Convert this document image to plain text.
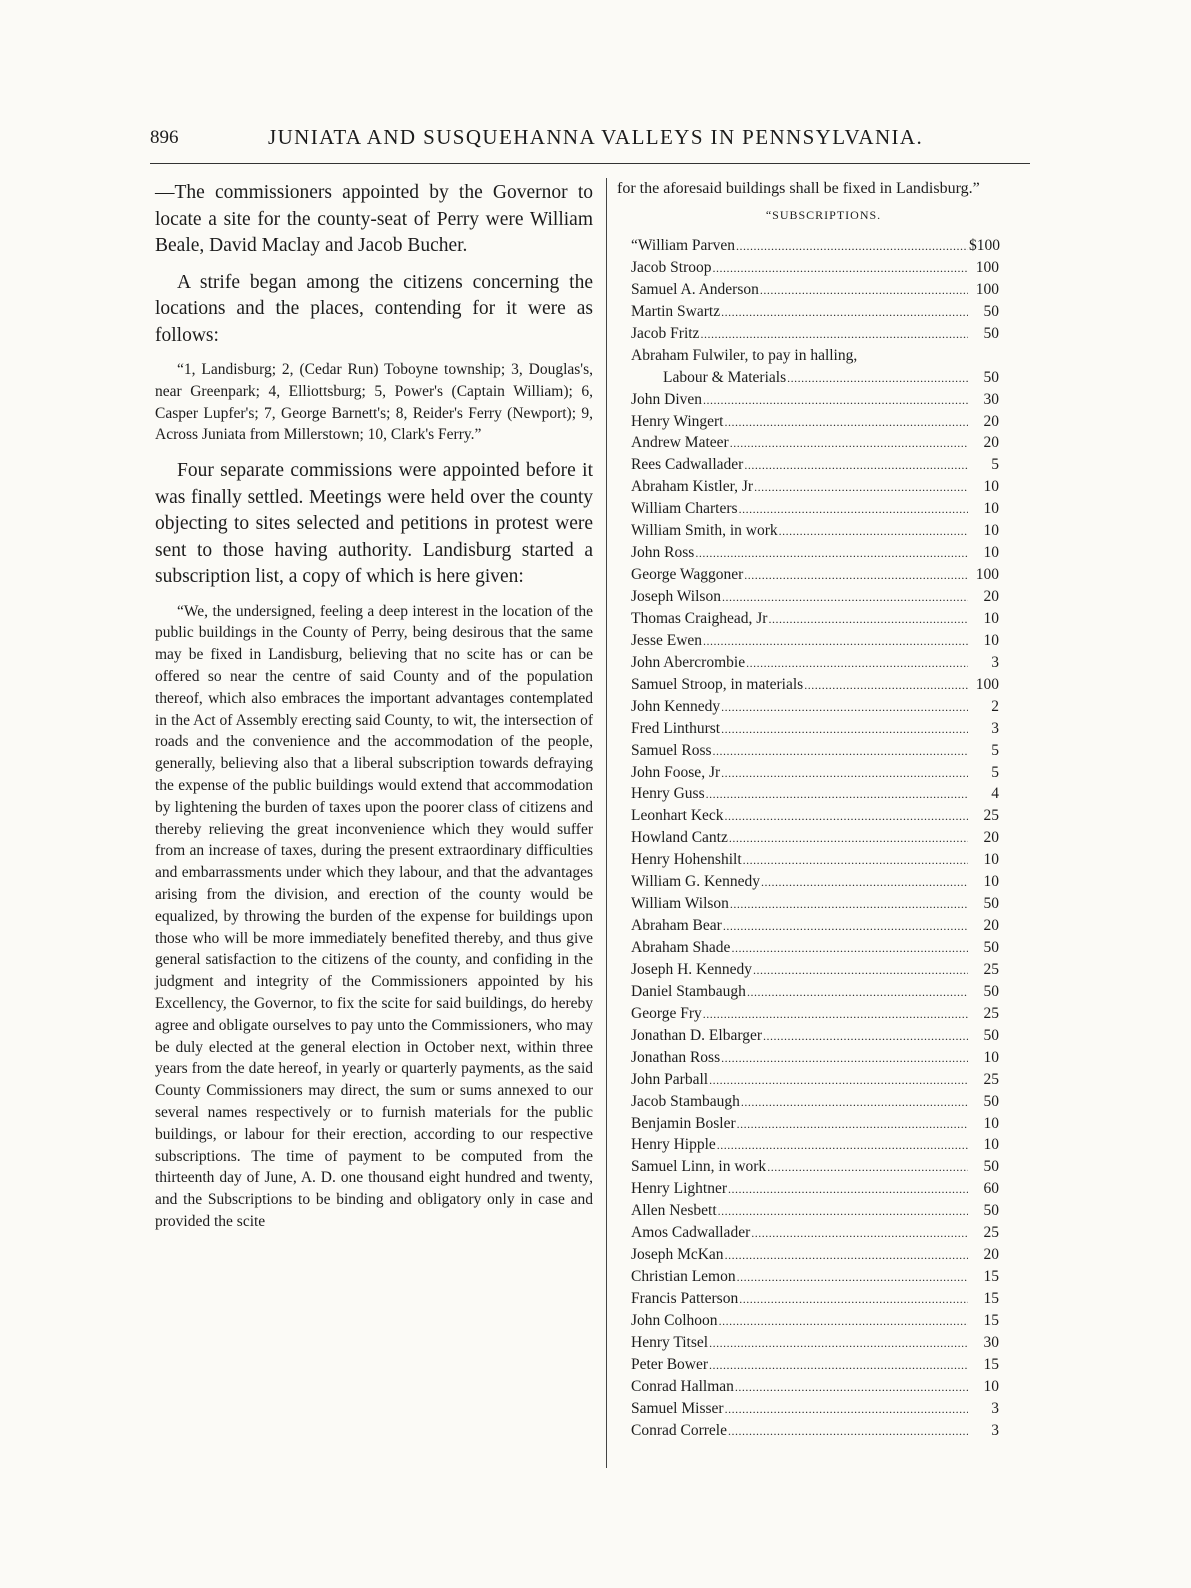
896	JUNIATA AND SUSQUEHANNA VALLEYS IN PENNSYLVANIA.

—The commissioners appointed by the Governor to locate a site for the county-seat of Perry were William Beale, David Maclay and Jacob Bucher.

A strife began among the citizens concerning the locations and the places, contending for it were as follows:

“1, Landisburg; 2, (Cedar Run) Toboyne township; 3, Douglas's, near Greenpark; 4, Elliottsburg; 5, Power's (Captain William); 6, Casper Lupfer's; 7, George Barnett's; 8, Reider's Ferry (Newport); 9, Across Juniata from Millerstown; 10, Clark's Ferry.”

Four separate commissions were appointed before it was finally settled. Meetings were held over the county objecting to sites selected and petitions in protest were sent to those having authority. Landisburg started a subscription list, a copy of which is here given:

“We, the undersigned, feeling a deep interest in the location of the public buildings in the County of Perry, being desirous that the same may be fixed in Landisburg, believing that no scite has or can be offered so near the centre of said County and of the population thereof, which also embraces the important advantages contemplated in the Act of Assembly erecting said County, to wit, the intersection of roads and the convenience and the accommodation of the people, generally, believing also that a liberal subscription towards defraying the expense of the public buildings would extend that accommodation by lightening the burden of taxes upon the poorer class of citizens and thereby relieving the great inconvenience which they would suffer from an increase of taxes, during the present extraordinary difficulties and embarrassments under which they labour, and that the advantages arising from the division, and erection of the county would be equalized, by throwing the burden of the expense for buildings upon those who will be more immediately benefited thereby, and thus give general satisfaction to the citizens of the county, and confiding in the judgment and integrity of the Commissioners appointed by his Excellency, the Governor, to fix the scite for said buildings, do hereby agree and obligate ourselves to pay unto the Commissioners, who may be duly elected at the general election in October next, within three years from the date hereof, in yearly or quarterly payments, as the said County Commissioners may direct, the sum or sums annexed to our several names respectively or to furnish materials for the public buildings, or labour for their erection, according to our respective subscriptions. The time of payment to be computed from the thirteenth day of June, A. D. one thousand eight hundred and twenty, and the Subscriptions to be binding and obligatory only in case and provided the scite

for the aforesaid buildings shall be fixed in Landisburg.”

“SUBSCRIPTIONS.
“William Parven .....	$100
Jacob Stroop .....	100
Samuel A. Anderson .....	100
Martin Swartz .....	50
Jacob Fritz .....	50
Abraham Fulwiler, to pay in halling,
Labour & Materials .....	50
John Diven .....	30
Henry Wingert .....	20
Andrew Mateer .....	20
Rees Cadwallader .....	5
Abraham Kistler, Jr .....	10
William Charters .....	10
William Smith, in work .....	10
John Ross .....	10
George Waggoner .....	100
Joseph Wilson .....	20
Thomas Craighead, Jr .....	10
Jesse Ewen .....	10
John Abercrombie .....	3
Samuel Stroop, in materials .....	100
John Kennedy .....	2
Fred Linthurst .....	3
Samuel Ross .....	5
John Foose, Jr .....	5
Henry Guss .....	4
Leonhart Keck .....	25
Howland Cantz .....	20
Henry Hohenshilt .....	10
William G. Kennedy .....	10
William Wilson .....	50
Abraham Bear .....	20
Abraham Shade .....	50
Joseph H. Kennedy .....	25
Daniel Stambaugh .....	50
George Fry .....	25
Jonathan D. Elbarger .....	50
Jonathan Ross .....	10
John Parball .....	25
Jacob Stambaugh .....	50
Benjamin Bosler .....	10
Henry Hipple .....	10
Samuel Linn, in work .....	50
Henry Lightner .....	60
Allen Nesbett .....	50
Amos Cadwallader .....	25
Joseph McKan .....	20
Christian Lemon .....	15
Francis Patterson .....	15
John Colhoon .....	15
Henry Titsel .....	30
Peter Bower .....	15
Conrad Hallman .....	10
Samuel Misser .....	3
Conrad Correle .....	3
